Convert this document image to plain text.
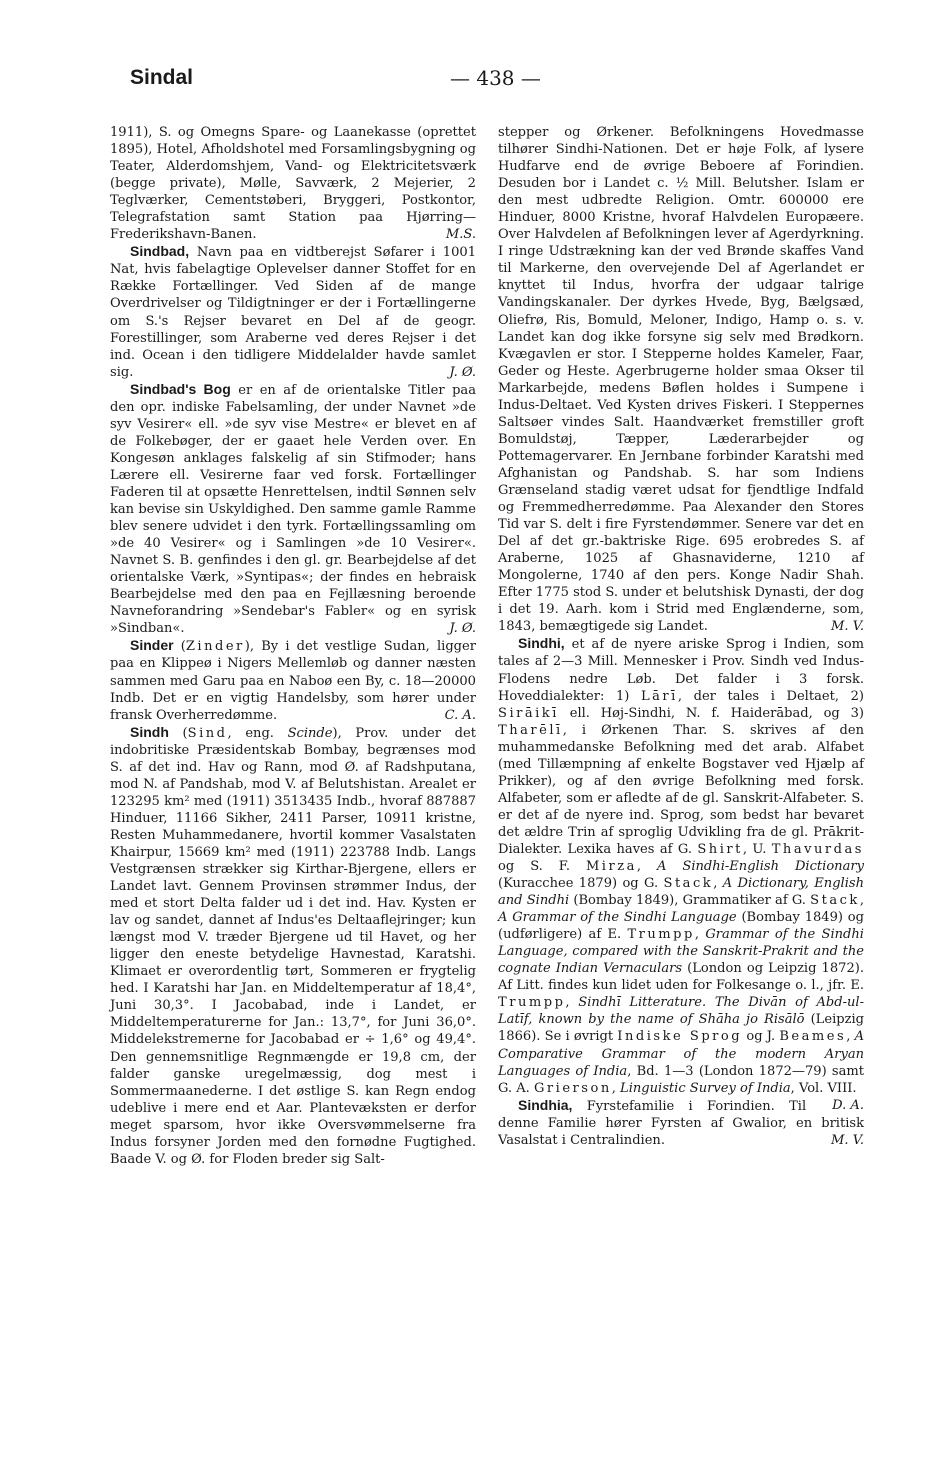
Sindal	— 438 —

1911), S. og Omegns Spare- og Laanekasse (oprettet 1895), Hotel, Afholdshotel med Forsamlingsbygning og Teater, Alderdomshjem, Vand- og Elektricitetsværk (begge private), Mølle, Savværk, 2 Mejerier, 2 Teglværker, Cementstøberi, Bryggeri, Postkontor, Telegrafstation samt Station paa Hjørring—Frederikshavn-Banen.	M.S.

Sindbad, Navn paa en vidtberejst Søfarer i 1001 Nat, hvis fabelagtige Oplevelser danner Stoffet for en Række Fortællinger. Ved Siden af de mange Overdrivelser og Tildigtninger er der i Fortællingerne om S.'s Rejser bevaret en Del af de geogr. Forestillinger, som Araberne ved deres Rejser i det ind. Ocean i den tidligere Middelalder havde samlet sig.	J. Ø.

Sindbad's Bog er en af de orientalske Titler paa den opr. indiske Fabelsamling, der under Navnet »de syv Vesirer« ell. »de syv vise Mestre« er blevet en af de Folkebøger, der er gaaet hele Verden over. En Kongesøn anklages falskelig af sin Stifmoder; hans Lærere ell. Vesirerne faar ved forsk. Fortællinger Faderen til at opsætte Henrettelsen, indtil Sønnen selv kan bevise sin Uskyldighed. Den samme gamle Ramme blev senere udvidet i den tyrk. Fortællingssamling om »de 40 Vesirer« og i Samlingen »de 10 Vesirer«. Navnet S. B. genfindes i den gl. gr. Bearbejdelse af det orientalske Værk, »Syntipas«; der findes en hebraisk Bearbejdelse med den paa en Fejllæsning beroende Navneforandring »Sendebar's Fabler« og en syrisk »Sindban«.	J. Ø.

Sinder (Zinder), By i det vestlige Sudan, ligger paa en Klippeø i Nigers Mellemløb og danner næsten sammen med Garu paa en Naboø een By, c. 18—20000 Indb. Det er en vigtig Handelsby, som hører under fransk Overherredømme.	C. A.

Sindh (Sind, eng. Scinde), Prov. under det indobritiske Præsidentskab Bombay, begrænses mod S. af det ind. Hav og Rann, mod Ø. af Radshputana, mod N. af Pandshab, mod V. af Belutshistan. Arealet er 123295 km² med (1911) 3513435 Indb., hvoraf 887887 Hinduer, 11166 Sikher, 2411 Parser, 10911 kristne, Resten Muhammedanere, hvortil kommer Vasalstaten Khairpur, 15669 km² med (1911) 223788 Indb. Langs Vestgrænsen strækker sig Kirthar-Bjergene, ellers er Landet lavt. Gennem Provinsen strømmer Indus, der med et stort Delta falder ud i det ind. Hav. Kysten er lav og sandet, dannet af Indus'es Deltaaflejringer; kun længst mod V. træder Bjergene ud til Havet, og her ligger den eneste betydelige Havnestad, Karatshi. Klimaet er overordentlig tørt, Sommeren er frygtelig hed. I Karatshi har Jan. en Middeltemperatur af 18,4°, Juni 30,3°. I Jacobabad, inde i Landet, er Middeltemperaturerne for Jan.: 13,7°, for Juni 36,0°. Middelekstremerne for Jacobabad er ÷ 1,6° og 49,4°. Den gennemsnitlige Regnmængde er 19,8 cm, der falder ganske uregelmæssig, dog mest i Sommermaanederne. I det østlige S. kan Regn endog udeblive i mere end et Aar. Plantevæksten er derfor meget sparsom, hvor ikke Oversvømmelserne fra Indus forsyner Jorden med den fornødne Fugtighed. Baade V. og Ø. for Floden breder sig Salt-

stepper og Ørkener. Befolkningens Hovedmasse tilhører Sindhi-Nationen. Det er høje Folk, af lysere Hudfarve end de øvrige Beboere af Forindien. Desuden bor i Landet c. ½ Mill. Belutsher. Islam er den mest udbredte Religion. Omtr. 600000 ere Hinduer, 8000 Kristne, hvoraf Halvdelen Europæere. Over Halvdelen af Befolkningen lever af Agerdyrkning. I ringe Udstrækning kan der ved Brønde skaffes Vand til Markerne, den overvejende Del af Agerlandet er knyttet til Indus, hvorfra der udgaar talrige Vandingskanaler. Der dyrkes Hvede, Byg, Bælgsæd, Oliefrø, Ris, Bomuld, Meloner, Indigo, Hamp o. s. v. Landet kan dog ikke forsyne sig selv med Brødkorn. Kvægavlen er stor. I Stepperne holdes Kameler, Faar, Geder og Heste. Agerbrugerne holder smaa Okser til Markarbejde, medens Bøflen holdes i Sumpene i Indus-Deltaet. Ved Kysten drives Fiskeri. I Steppernes Saltsøer vindes Salt. Haandværket fremstiller groft Bomuldstøj, Tæpper, Læderarbejder og Pottemagervarer. En Jernbane forbinder Karatshi med Afghanistan og Pandshab. S. har som Indiens Grænseland stadig været udsat for fjendtlige Indfald og Fremmedherredømme. Paa Alexander den Stores Tid var S. delt i fire Fyrstendømmer. Senere var det en Del af det gr.-baktriske Rige. 695 erobredes S. af Araberne, 1025 af Ghasnaviderne, 1210 af Mongolerne, 1740 af den pers. Konge Nadir Shah. Efter 1775 stod S. under et belutshisk Dynasti, der dog i det 19. Aarh. kom i Strid med Englænderne, som, 1843, bemægtigede sig Landet.	M. V.

Sindhi, et af de nyere ariske Sprog i Indien, som tales af 2—3 Mill. Mennesker i Prov. Sindh ved Indus-Flodens nedre Løb. Det falder i 3 forsk. Hoveddialekter: 1) Lārī, der tales i Deltaet, 2) Sirāikī ell. Høj-Sindhi, N. f. Haiderābad, og 3) Tharēlī, i Ørkenen Thar. S. skrives af den muhammedanske Befolkning med det arab. Alfabet (med Tillæmpning af enkelte Bogstaver ved Hjælp af Prikker), og af den øvrige Befolkning med forsk. Alfabeter, som er afledte af de gl. Sanskrit-Alfabeter. S. er det af de nyere ind. Sprog, som bedst har bevaret det ældre Trin af sproglig Udvikling fra de gl. Prākrit-Dialekter. Lexika haves af G. Shirt, U. Thavurdas og S. F. Mirza, A Sindhi-English Dictionary (Kuracchee 1879) og G. Stack, A Dictionary, English and Sindhi (Bombay 1849), Grammatiker af G. Stack, A Grammar of the Sindhi Language (Bombay 1849) og (udførligere) af E. Trumpp, Grammar of the Sindhi Language, compared with the Sanskrit-Prakrit and the cognate Indian Vernaculars (London og Leipzig 1872). Af Litt. findes kun lidet uden for Folkesange o. l., jfr. E. Trumpp, Sindhī Litterature. The Divān of Abd-ul-Latīf, known by the name of Shāha jo Risālō (Leipzig 1866). Se i øvrigt Indiske Sprog og J. Beames, A Comparative Grammar of the modern Aryan Languages of India, Bd. 1—3 (London 1872—79) samt G. A. Grierson, Linguistic Survey of India, Vol. VIII.
D. A.

Sindhia, Fyrstefamilie i Forindien. Til denne Familie hører Fyrsten af Gwalior, en britisk Vasalstat i Centralindien.	M. V.
